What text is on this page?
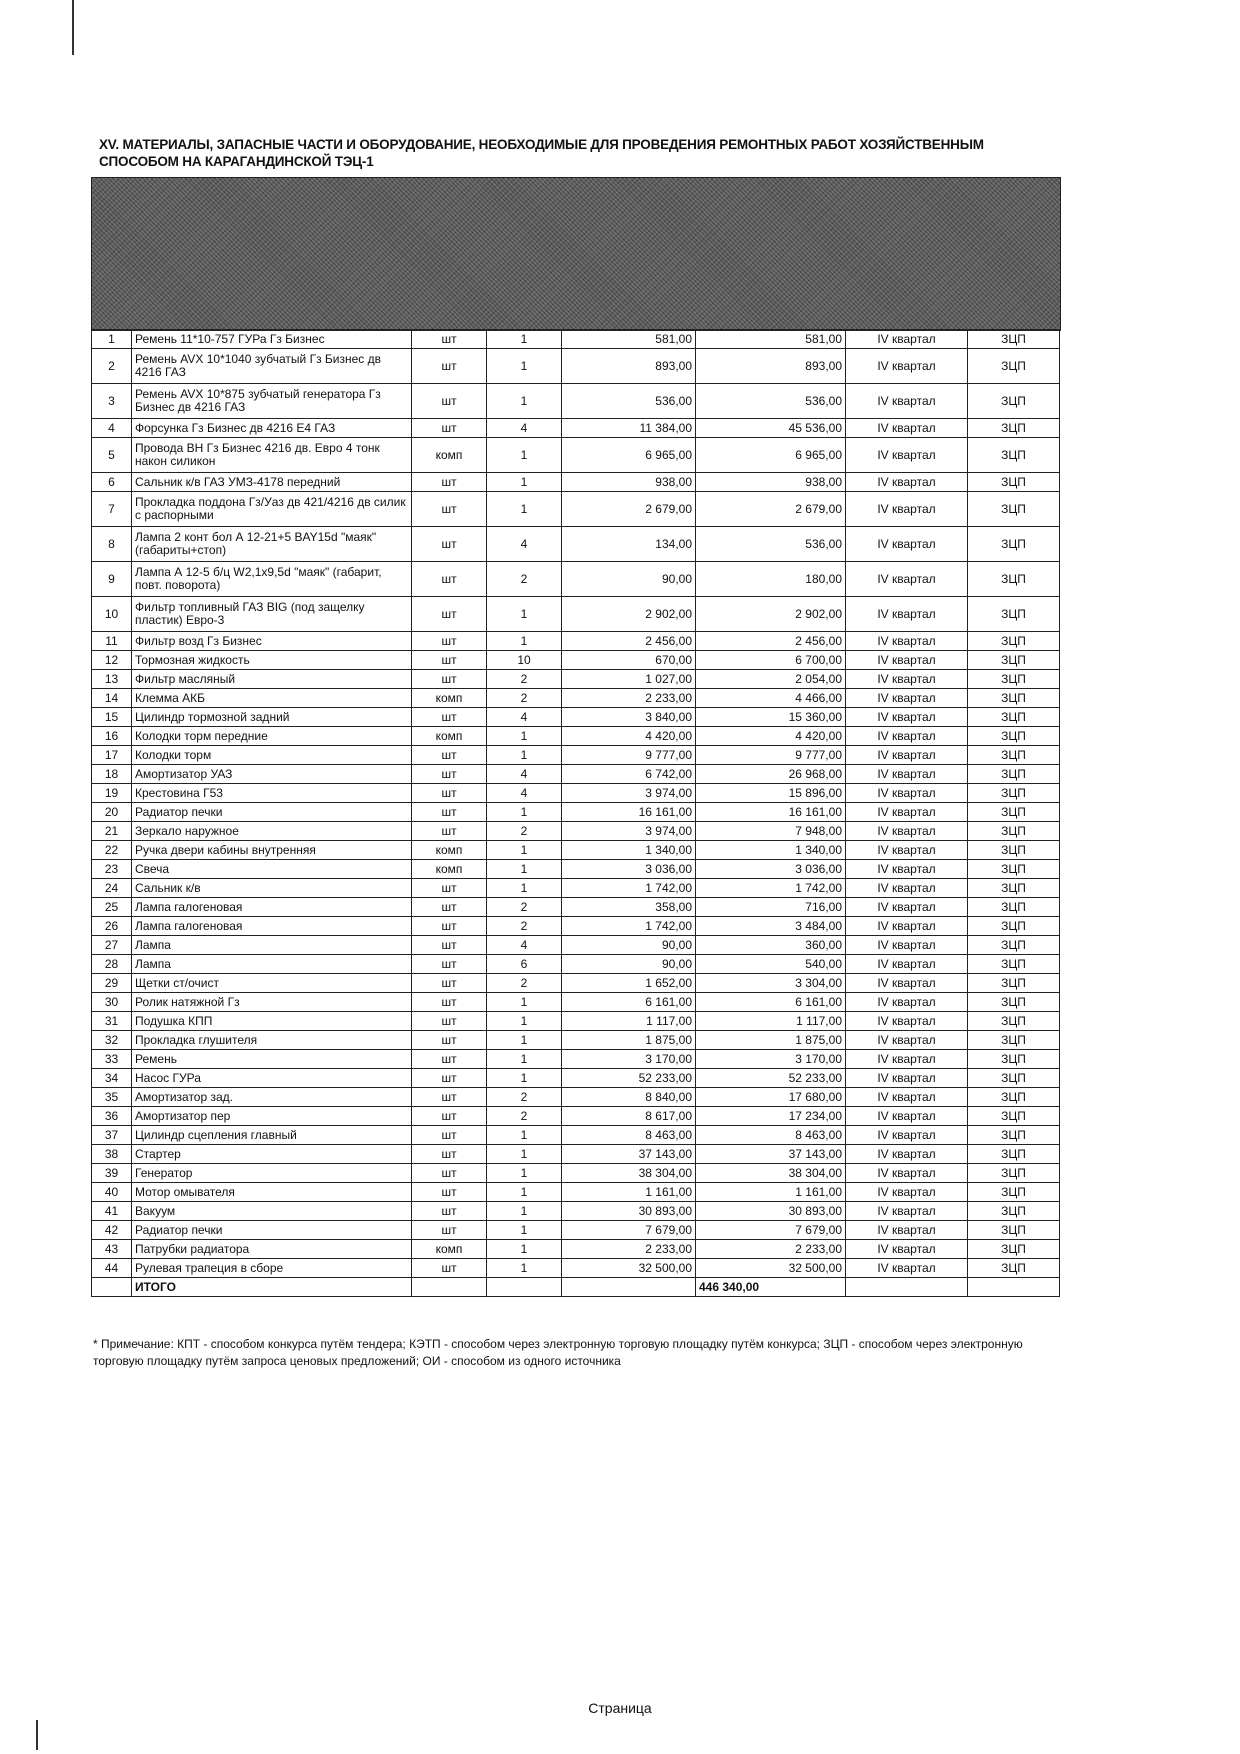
XV. МАТЕРИАЛЫ, ЗАПАСНЫЕ ЧАСТИ И ОБОРУДОВАНИЕ, НЕОБХОДИМЫЕ ДЛЯ ПРОВЕДЕНИЯ РЕМОНТНЫХ РАБОТ ХОЗЯЙСТВЕННЫМ СПОСОБОМ НА КАРАГАНДИНСКОЙ ТЭЦ-1
1	Ремень 11*10-757 ГУРа Гз Бизнес	шт	1	581,00	581,00	IV квартал	ЗЦП
2	Ремень AVX 10*1040 зубчатый Гз Бизнес дв 4216 ГАЗ	шт	1	893,00	893,00	IV квартал	ЗЦП
3	Ремень AVX 10*875 зубчатый генератора Гз Бизнес дв 4216 ГАЗ	шт	1	536,00	536,00	IV квартал	ЗЦП
4	Форсунка Гз Бизнес дв 4216 Е4 ГАЗ	шт	4	11 384,00	45 536,00	IV квартал	ЗЦП
5	Провода ВН Гз Бизнес 4216 дв. Евро 4 тонк након силикон	комп	1	6 965,00	6 965,00	IV квартал	ЗЦП
6	Сальник к/в ГАЗ УМЗ-4178 передний	шт	1	938,00	938,00	IV квартал	ЗЦП
7	Прокладка поддона Гз/Уаз дв 421/4216 дв силик с распорными	шт	1	2 679,00	2 679,00	IV квартал	ЗЦП
8	Лампа 2 конт бол А 12-21+5 BAY15d "маяк" (габариты+стоп)	шт	4	134,00	536,00	IV квартал	ЗЦП
9	Лампа А 12-5 б/ц W2,1x9,5d "маяк" (габарит, повт. поворота)	шт	2	90,00	180,00	IV квартал	ЗЦП
10	Фильтр топливный ГАЗ BIG (под защелку пластик) Евро-3	шт	1	2 902,00	2 902,00	IV квартал	ЗЦП
11	Фильтр возд Гз Бизнес	шт	1	2 456,00	2 456,00	IV квартал	ЗЦП
12	Тормозная жидкость	шт	10	670,00	6 700,00	IV квартал	ЗЦП
13	Фильтр масляный	шт	2	1 027,00	2 054,00	IV квартал	ЗЦП
14	Клемма АКБ	комп	2	2 233,00	4 466,00	IV квартал	ЗЦП
15	Цилиндр тормозной задний	шт	4	3 840,00	15 360,00	IV квартал	ЗЦП
16	Колодки торм передние	комп	1	4 420,00	4 420,00	IV квартал	ЗЦП
17	Колодки торм	шт	1	9 777,00	9 777,00	IV квартал	ЗЦП
18	Амортизатор УАЗ	шт	4	6 742,00	26 968,00	IV квартал	ЗЦП
19	Крестовина Г53	шт	4	3 974,00	15 896,00	IV квартал	ЗЦП
20	Радиатор печки	шт	1	16 161,00	16 161,00	IV квартал	ЗЦП
21	Зеркало наружное	шт	2	3 974,00	7 948,00	IV квартал	ЗЦП
22	Ручка двери кабины внутренняя	комп	1	1 340,00	1 340,00	IV квартал	ЗЦП
23	Свеча	комп	1	3 036,00	3 036,00	IV квартал	ЗЦП
24	Сальник к/в	шт	1	1 742,00	1 742,00	IV квартал	ЗЦП
25	Лампа галогеновая	шт	2	358,00	716,00	IV квартал	ЗЦП
26	Лампа галогеновая	шт	2	1 742,00	3 484,00	IV квартал	ЗЦП
27	Лампа	шт	4	90,00	360,00	IV квартал	ЗЦП
28	Лампа	шт	6	90,00	540,00	IV квартал	ЗЦП
29	Щетки ст/очист	шт	2	1 652,00	3 304,00	IV квартал	ЗЦП
30	Ролик натяжной Гз	шт	1	6 161,00	6 161,00	IV квартал	ЗЦП
31	Подушка КПП	шт	1	1 117,00	1 117,00	IV квартал	ЗЦП
32	Прокладка глушителя	шт	1	1 875,00	1 875,00	IV квартал	ЗЦП
33	Ремень	шт	1	3 170,00	3 170,00	IV квартал	ЗЦП
34	Насос ГУРа	шт	1	52 233,00	52 233,00	IV квартал	ЗЦП
35	Амортизатор зад.	шт	2	8 840,00	17 680,00	IV квартал	ЗЦП
36	Амортизатор пер	шт	2	8 617,00	17 234,00	IV квартал	ЗЦП
37	Цилиндр сцепления главный	шт	1	8 463,00	8 463,00	IV квартал	ЗЦП
38	Стартер	шт	1	37 143,00	37 143,00	IV квартал	ЗЦП
39	Генератор	шт	1	38 304,00	38 304,00	IV квартал	ЗЦП
40	Мотор омывателя	шт	1	1 161,00	1 161,00	IV квартал	ЗЦП
41	Вакуум	шт	1	30 893,00	30 893,00	IV квартал	ЗЦП
42	Радиатор печки	шт	1	7 679,00	7 679,00	IV квартал	ЗЦП
43	Патрубки радиатора	комп	1	2 233,00	2 233,00	IV квартал	ЗЦП
44	Рулевая трапеция в сборе	шт	1	32 500,00	32 500,00	IV квартал	ЗЦП
	ИТОГО				446 340,00		
* Примечание: КПТ - способом конкурса путём тендера; КЭТП - способом через электронную торговую площадку путём конкурса; ЗЦП - способом через электронную торговую площадку путём запроса ценовых предложений; ОИ - способом из одного источника
Страница
